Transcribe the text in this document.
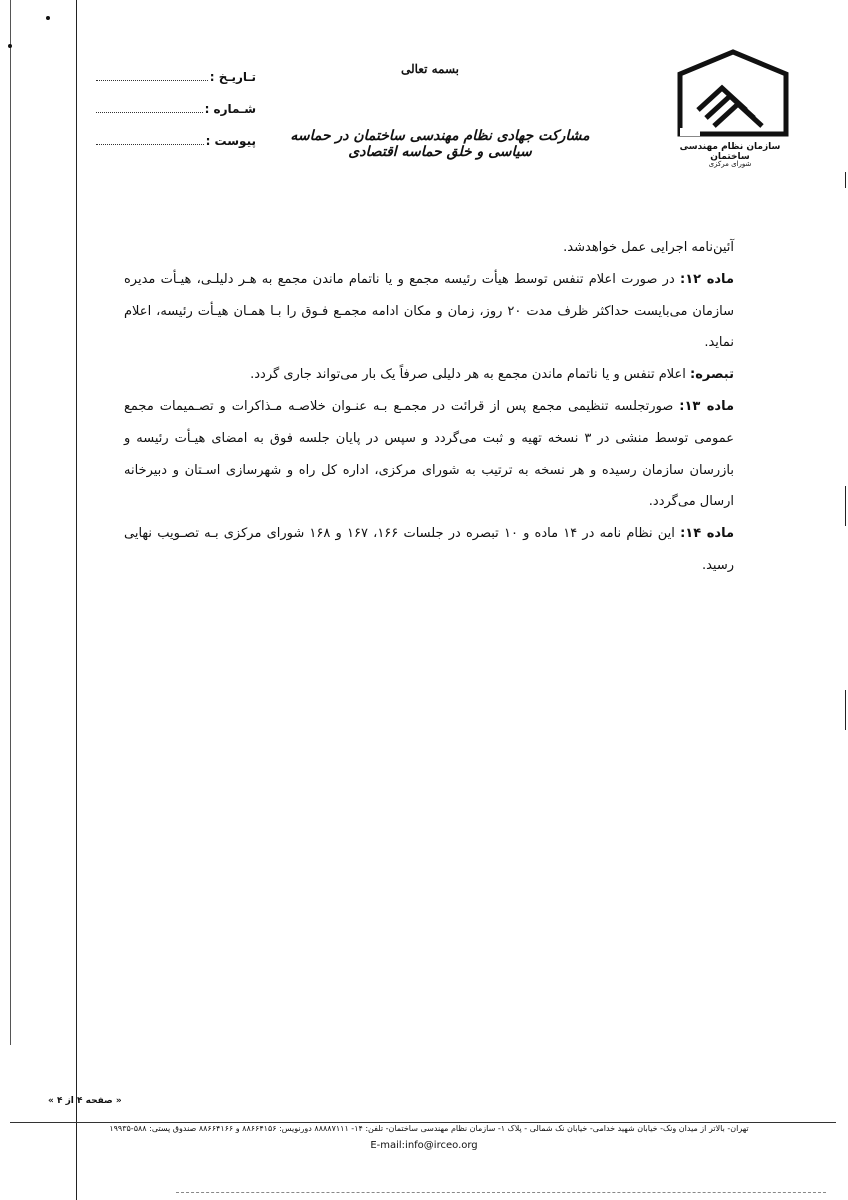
سازمان نظام مهندسی ساختمان
شورای مرکزی
بسمه تعالی
مشارکت جهادی نظام مهندسی ساختمان در حماسه سیاسی و خلق حماسه اقتصادی
تـاریـخ :
شـماره :
پیوست :

آئین‌نامه اجرایی عمل خواهد‌شد.

ماده ۱۲: در صورت اعلام تنفس توسط هیأت رئیسه مجمع و یا ناتمام ماندن مجمع به هـر دلیلـی، هیـأت مدیره سازمان می‌بایست حداکثر ظرف مدت ۲۰ روز، زمان و مکان ادامه مجمـع فـوق را بـا همـان هیـأت رئیسه، اعلام نماید.

تبصره: اعلام تنفس و یا ناتمام ماندن مجمع به هر دلیلی صرفاً یک بار می‌تواند جاری گردد.

ماده ۱۳: صورتجلسه تنظیمی مجمع پس از قرائت در مجمـع بـه عنـوان خلاصـه مـذاکرات و تصـمیمات مجمع عمومی توسط منشی در ۳ نسخه تهیه و ثبت می‌گردد و سپس در پایان جلسه فوق به امضای هیـأت رئیسه و بازرسان سازمان رسیده و هر نسخه به ترتیب به شورای مرکزی، اداره کل راه و شهرسازی اسـتان و دبیرخانه ارسال می‌گردد.

ماده ۱۴: این نظام نامه در ۱۴ ماده و ۱۰ تبصره در جلسات ۱۶۶، ۱۶۷ و ۱۶۸ شورای مرکزی بـه تصـویب نهایی رسید.

« صفحه ۴ از ۴ »
تهران- بالاتر از میدان ونک- خیابان شهید خدامی- خیابان نک شمالی - پلاک ۱- سازمان نظام مهندسی ساختمان- تلفن: ۱۴- ۸۸۸۸۷۱۱۱ دورنویس: ۸۸۶۶۴۱۵۶ و ۸۸۶۶۴۱۶۶ صندوق پستی: ۵۸۸-۱۹۹۳۵
E-mail:info@irceo.org
